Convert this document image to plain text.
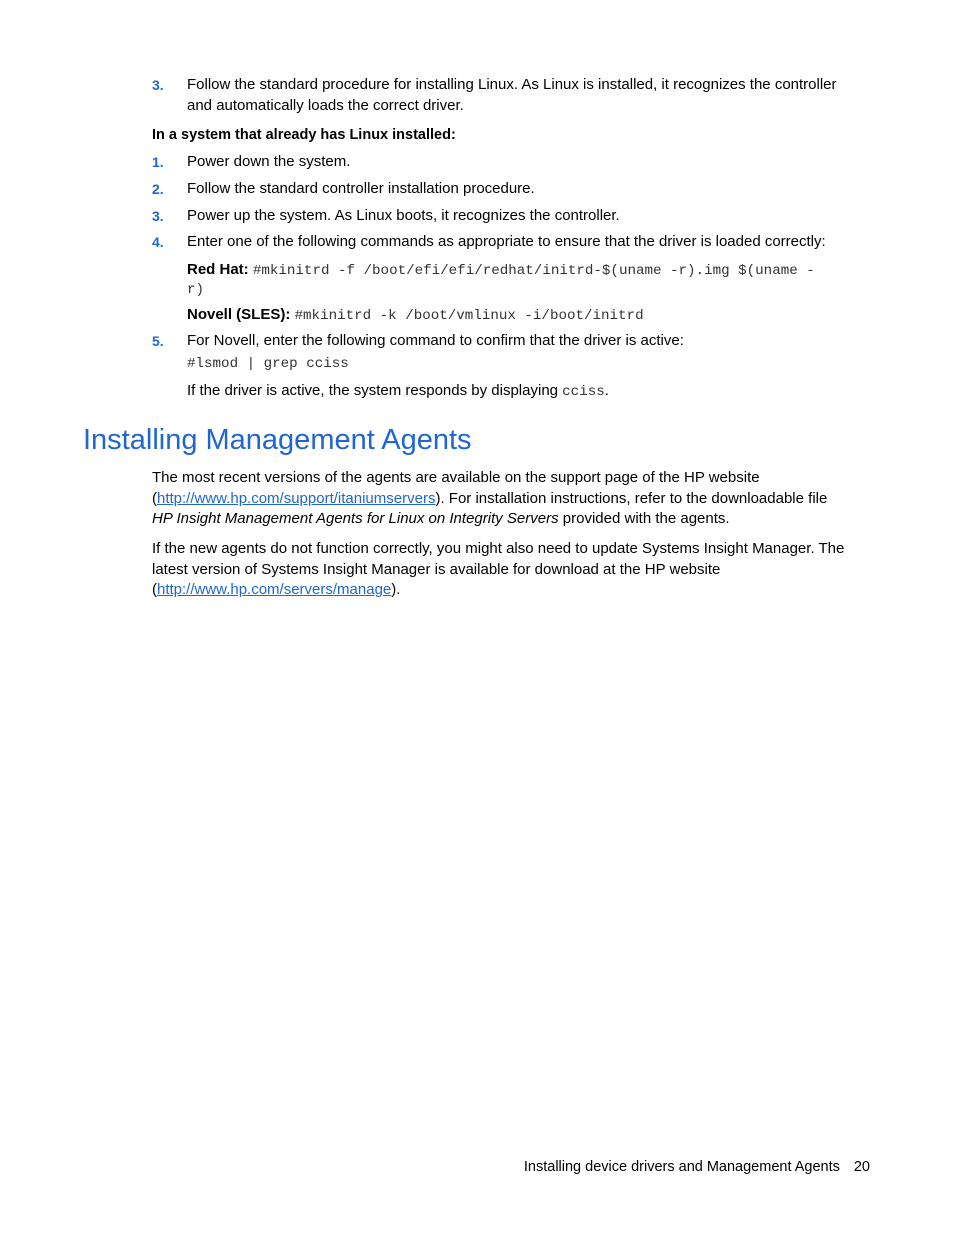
3.	Follow the standard procedure for installing Linux. As Linux is installed, it recognizes the controller
and automatically loads the correct driver.
In a system that already has Linux installed:
1.	Power down the system.
2.	Follow the standard controller installation procedure.
3.	Power up the system. As Linux boots, it recognizes the controller.
4.	Enter one of the following commands as appropriate to ensure that the driver is loaded correctly:
Red Hat: #mkinitrd -f /boot/efi/efi/redhat/initrd-$(uname -r).img $(uname -
r)
Novell (SLES): #mkinitrd -k /boot/vmlinux -i/boot/initrd
5.	For Novell, enter the following command to confirm that the driver is active:
#lsmod | grep cciss
If the driver is active, the system responds by displaying cciss.
Installing Management Agents
The most recent versions of the agents are available on the support page of the HP website
(http://www.hp.com/support/itaniumservers). For installation instructions, refer to the downloadable file
HP Insight Management Agents for Linux on Integrity Servers provided with the agents.
If the new agents do not function correctly, you might also need to update Systems Insight Manager. The
latest version of Systems Insight Manager is available for download at the HP website
(http://www.hp.com/servers/manage).
Installing device drivers and Management Agents 20
